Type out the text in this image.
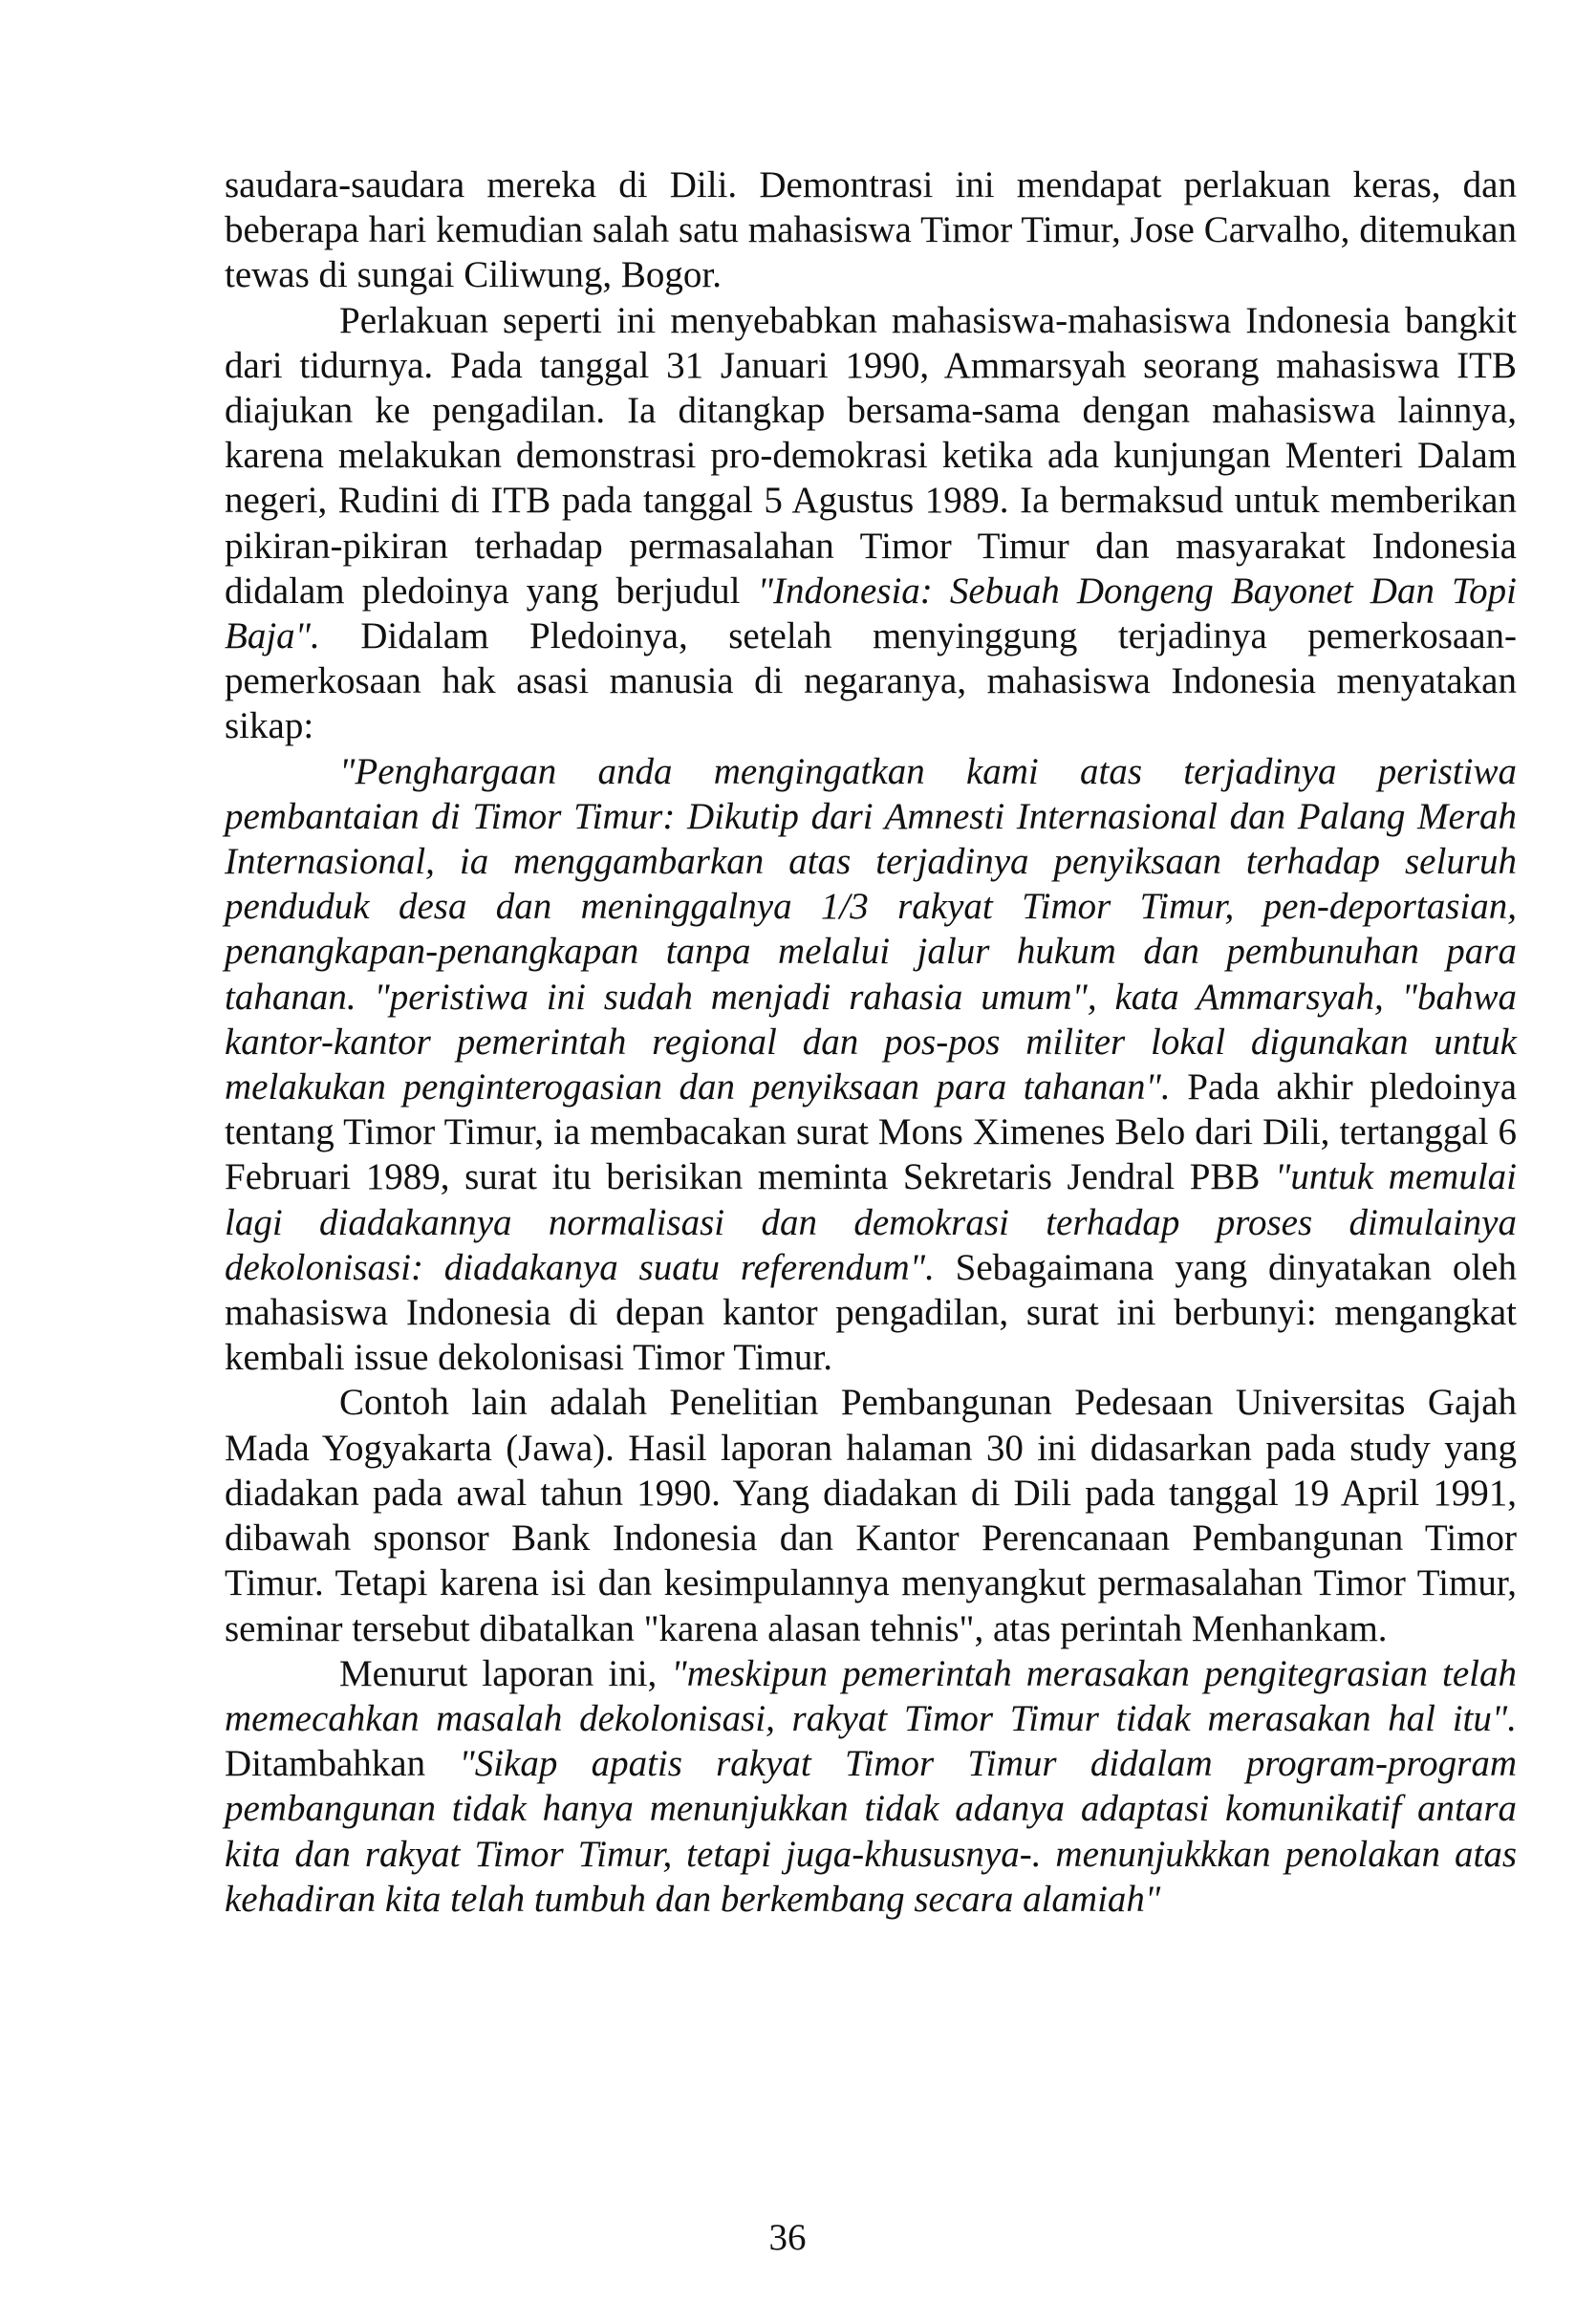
saudara-saudara mereka di Dili. Demontrasi ini mendapat perlakuan keras, dan beberapa hari kemudian salah satu mahasiswa Timor Timur, Jose Carvalho, ditemukan tewas di sungai Ciliwung, Bogor.

Perlakuan seperti ini menyebabkan mahasiswa-mahasiswa Indonesia bangkit dari tidurnya. Pada tanggal 31 Januari 1990, Ammarsyah seorang mahasiswa ITB diajukan ke pengadilan. Ia ditangkap bersama-sama dengan mahasiswa lainnya, karena melakukan demonstrasi pro-demokrasi ketika ada kunjungan Menteri Dalam negeri, Rudini di ITB pada tanggal 5 Agustus 1989. Ia bermaksud untuk memberikan pikiran-pikiran terhadap permasalahan Timor Timur dan masyarakat Indonesia didalam pledoinya yang berjudul "Indonesia: Sebuah Dongeng Bayonet Dan Topi Baja". Didalam Pledoinya, setelah menyinggung terjadinya pemerkosaan-pemerkosaan hak asasi manusia di negaranya, mahasiswa Indonesia menyatakan sikap:

"Penghargaan anda mengingatkan kami atas terjadinya peristiwa pembantaian di Timor Timur: Dikutip dari Amnesti Internasional dan Palang Merah Internasional, ia menggambarkan atas terjadinya penyiksaan terhadap seluruh penduduk desa dan meninggalnya 1/3 rakyat Timor Timur, pen-deportasian, penangkapan-penangkapan tanpa melalui jalur hukum dan pembunuhan para tahanan. "peristiwa ini sudah menjadi rahasia umum", kata Ammarsyah, "bahwa kantor-kantor pemerintah regional dan pos-pos militer lokal digunakan untuk melakukan penginterogasian dan penyiksaan para tahanan". Pada akhir pledoinya tentang Timor Timur, ia membacakan surat Mons Ximenes Belo dari Dili, tertanggal 6 Februari 1989, surat itu berisikan meminta Sekretaris Jendral PBB "untuk memulai lagi diadakannya normalisasi dan demokrasi terhadap proses dimulainya dekolonisasi: diadakanya suatu referendum". Sebagaimana yang dinyatakan oleh mahasiswa Indonesia di depan kantor pengadilan, surat ini berbunyi: mengangkat kembali issue dekolonisasi Timor Timur.

Contoh lain adalah Penelitian Pembangunan Pedesaan Universitas Gajah Mada Yogyakarta (Jawa). Hasil laporan halaman 30 ini didasarkan pada study yang diadakan pada awal tahun 1990. Yang diadakan di Dili pada tanggal 19 April 1991, dibawah sponsor Bank Indonesia dan Kantor Perencanaan Pembangunan Timor Timur. Tetapi karena isi dan kesimpulannya menyangkut permasalahan Timor Timur, seminar tersebut dibatalkan "karena alasan tehnis", atas perintah Menhankam.

Menurut laporan ini, "meskipun pemerintah merasakan pengitegrasian telah memecahkan masalah dekolonisasi, rakyat Timor Timur tidak merasakan hal itu". Ditambahkan "Sikap apatis rakyat Timor Timur didalam program-program pembangunan tidak hanya menunjukkan tidak adanya adaptasi komunikatif antara kita dan rakyat Timor Timur, tetapi juga-khususnya-. menunjukkkan penolakan atas kehadiran kita telah tumbuh dan berkembang secara alamiah"

36
